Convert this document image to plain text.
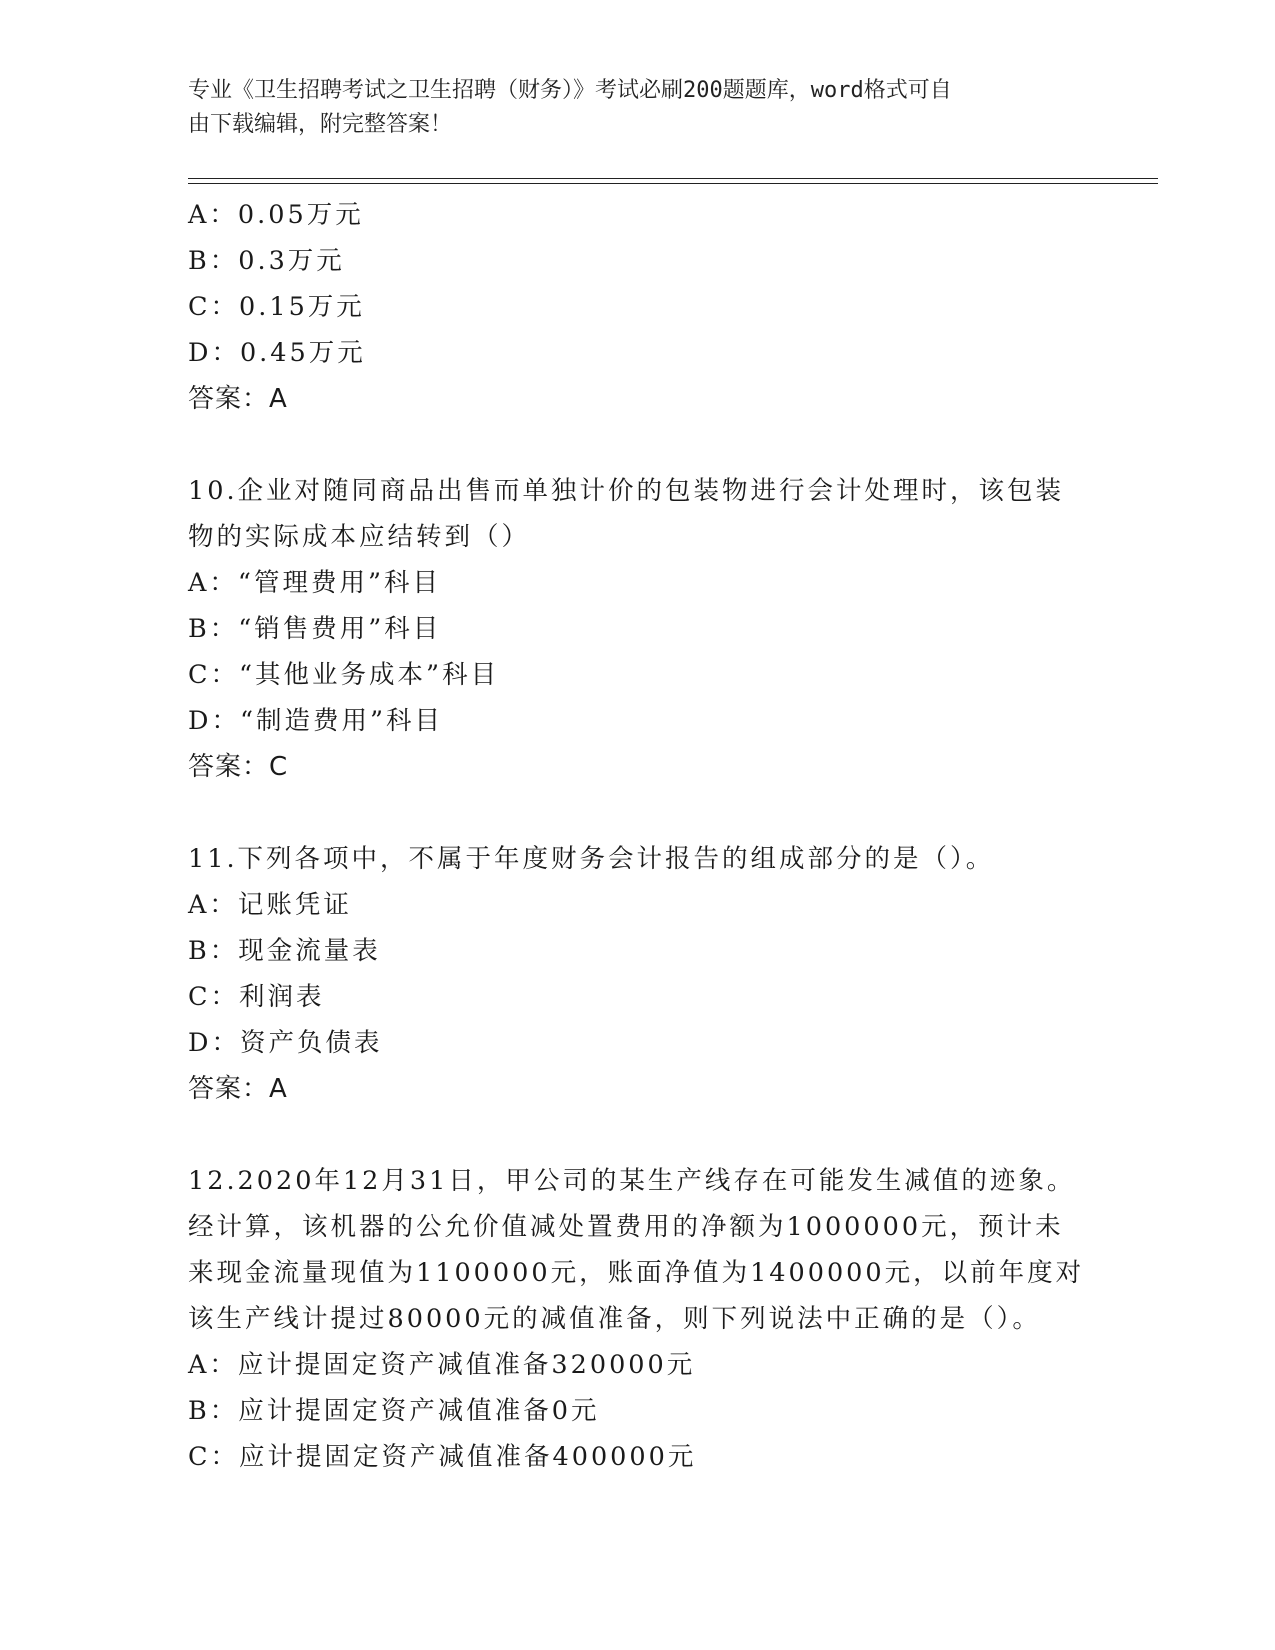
专业《卫生招聘考试之卫生招聘（财务）》考试必刷200题题库，word格式可自
由下载编辑，附完整答案！
A：0.05万元
B：0.3万元
C：0.15万元
D：0.45万元
答案：A
10.企业对随同商品出售而单独计价的包装物进行会计处理时，该包装
物的实际成本应结转到（）
A：“管理费用”科目
B：“销售费用”科目
C：“其他业务成本”科目
D：“制造费用”科目
答案：C
11.下列各项中，不属于年度财务会计报告的组成部分的是（）。
A：记账凭证
B：现金流量表
C：利润表
D：资产负债表
答案：A
12.2020年12月31日，甲公司的某生产线存在可能发生减值的迹象。
经计算，该机器的公允价值减处置费用的净额为1000000元，预计未
来现金流量现值为1100000元，账面净值为1400000元，以前年度对
该生产线计提过80000元的减值准备，则下列说法中正确的是（）。
A：应计提固定资产减值准备320000元
B：应计提固定资产减值准备0元
C：应计提固定资产减值准备400000元
